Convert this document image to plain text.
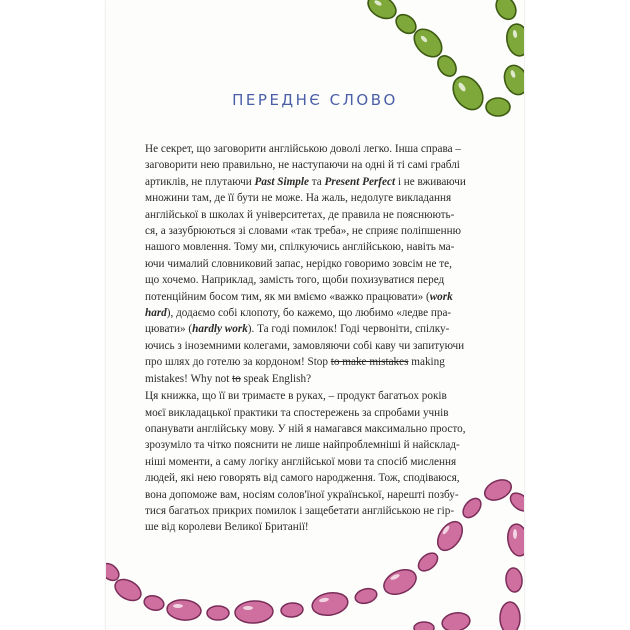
ПЕРЕДНЄ СЛОВО

Не секрет, що заговорити англійською доволі легко. Інша справа –
заговорити нею правильно, не наступаючи на одні й ті самі граблі
артиклів, не плутаючи Past Simple та Present Perfect і не вживаючи
множини там, де її бути не може. На жаль, недолуге викладання
англійської в школах й університетах, де правила не пояснюють-
ся, а зазубрюються зі словами «так треба», не сприяє поліпшенню
нашого мовлення. Тому ми, спілкуючись англійською, навіть ма-
ючи чималий словниковий запас, нерідко говоримо зовсім не те,
що хочемо. Наприклад, замість того, щоби похизуватися перед
потенційним босом тим, як ми вміємо «важко працювати» (work
hard), додаємо собі клопоту, бо кажемо, що любимо «ледве пра-
цювати» (hardly work). Та годі помилок! Годі червоніти, спілку-
ючись з іноземними колегами, замовляючи собі каву чи запитуючи
про шлях до готелю за кордоном! Stop to make mistakes making
mistakes! Why not to speak English?

Ця книжка, що її ви тримаєте в руках, – продукт багатьох років
моєї викладацької практики та спостережень за спробами учнів
опанувати англійську мову. У ній я намагався максимально просто,
зрозуміло та чітко пояснити не лише найпроблемніші й найсклад-
ніші моменти, а саму логіку англійської мови та спосіб мислення
людей, які нею говорять від самого народження. Тож, сподіваюся,
вона допоможе вам, носіям солов'їної української, нарешті позбу-
тися багатьох прикрих помилок і защебетати англійською не гір-
ше від королеви Великої Британії!
